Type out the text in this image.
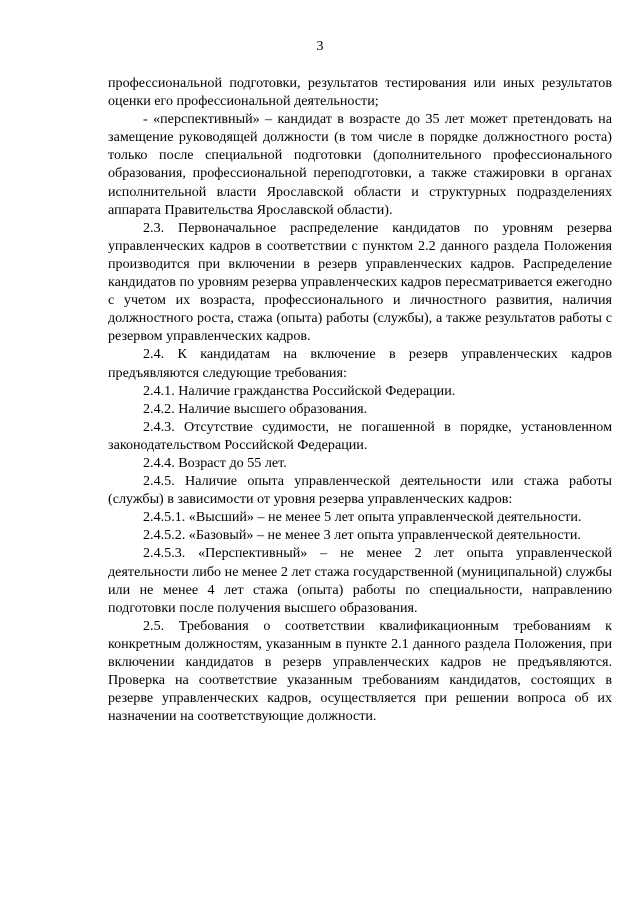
3

профессиональной подготовки, результатов тестирования или иных результатов оценки его профессиональной деятельности;

- «перспективный» – кандидат в возрасте до 35 лет может претендовать на замещение руководящей должности (в том числе в порядке должностного роста) только после специальной подготовки (дополнительного профессионального образования, профессиональной переподготовки, а также стажировки в органах исполнительной власти Ярославской области и структурных подразделениях аппарата Правительства Ярославской области).

2.3. Первоначальное распределение кандидатов по уровням резерва управленческих кадров в соответствии с пунктом 2.2 данного раздела Положения производится при включении в резерв управленческих кадров. Распределение кандидатов по уровням резерва управленческих кадров пересматривается ежегодно с учетом их возраста, профессионального и личностного развития, наличия должностного роста, стажа (опыта) работы (службы), а также результатов работы с резервом управленческих кадров.

2.4. К кандидатам на включение в резерв управленческих кадров предъявляются следующие требования:

2.4.1. Наличие гражданства Российской Федерации.

2.4.2. Наличие высшего образования.

2.4.3. Отсутствие судимости, не погашенной в порядке, установленном законодательством Российской Федерации.

2.4.4. Возраст до 55 лет.

2.4.5. Наличие опыта управленческой деятельности или стажа работы (службы) в зависимости от уровня резерва управленческих кадров:

2.4.5.1. «Высший» – не менее 5 лет опыта управленческой деятельности.

2.4.5.2. «Базовый» – не менее 3 лет опыта управленческой деятельности.

2.4.5.3. «Перспективный» – не менее 2 лет опыта управленческой деятельности либо не менее 2 лет стажа государственной (муниципальной) службы или не менее 4 лет стажа (опыта) работы по специальности, направлению подготовки после получения высшего образования.

2.5. Требования о соответствии квалификационным требованиям к конкретным должностям, указанным в пункте 2.1 данного раздела Положения, при включении кандидатов в резерв управленческих кадров не предъявляются. Проверка на соответствие указанным требованиям кандидатов, состоящих в резерве управленческих кадров, осуществляется при решении вопроса об их назначении на соответствующие должности.
